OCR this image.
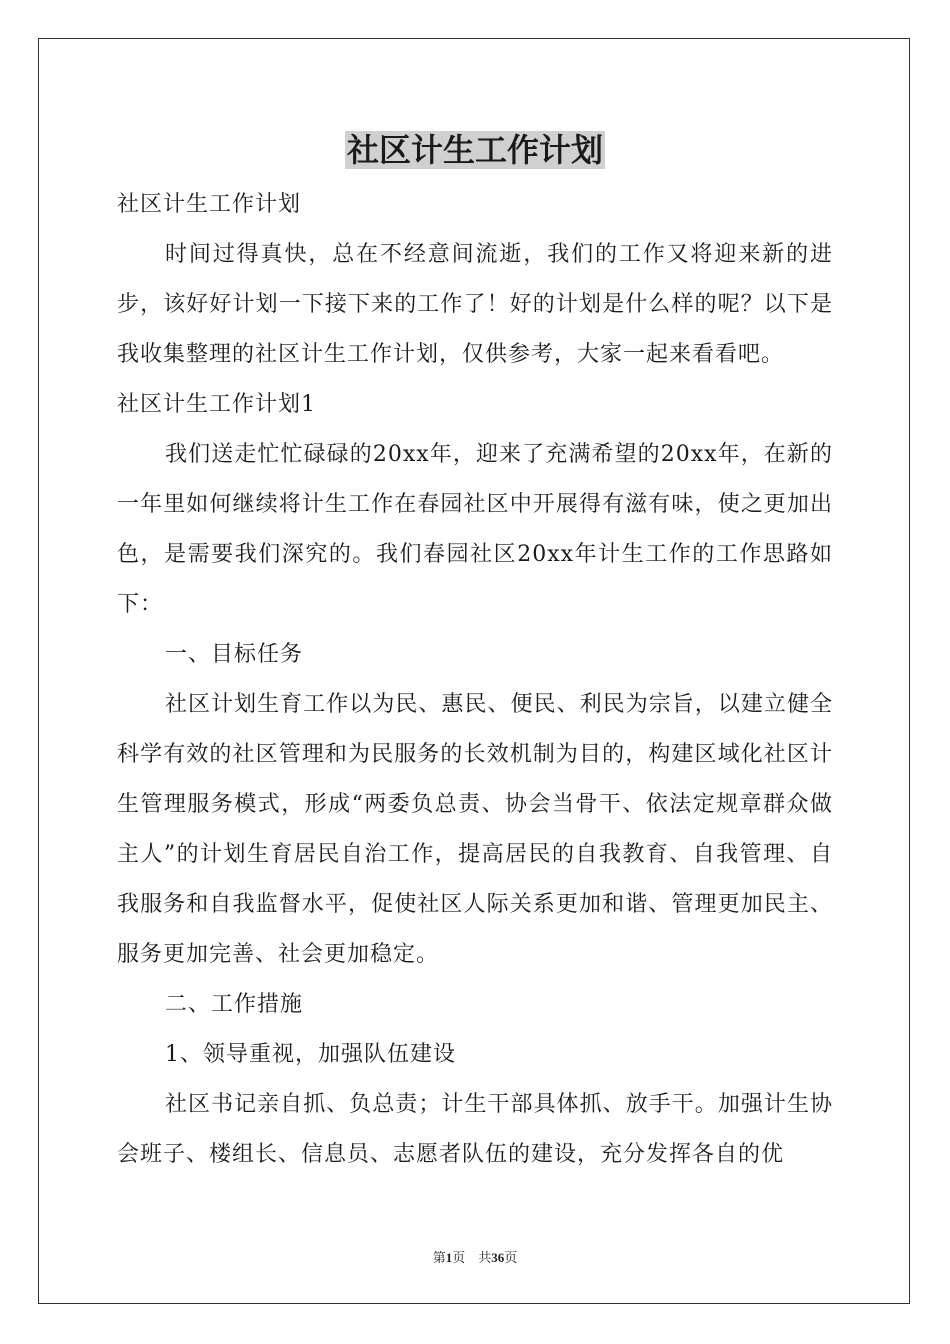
社区计生工作计划

社区计生工作计划

时间过得真快，总在不经意间流逝，我们的工作又将迎来新的进步，该好好计划一下接下来的工作了！好的计划是什么样的呢？以下是我收集整理的社区计生工作计划，仅供参考，大家一起来看看吧。

社区计生工作计划1

我们送走忙忙碌碌的20xx年，迎来了充满希望的20xx年，在新的一年里如何继续将计生工作在春园社区中开展得有滋有味，使之更加出色，是需要我们深究的。我们春园社区20xx年计生工作的工作思路如下：

一、目标任务

社区计划生育工作以为民、惠民、便民、利民为宗旨，以建立健全科学有效的社区管理和为民服务的长效机制为目的，构建区域化社区计生管理服务模式，形成“两委负总责、协会当骨干、依法定规章群众做主人”的计划生育居民自治工作，提高居民的自我教育、自我管理、自我服务和自我监督水平，促使社区人际关系更加和谐、管理更加民主、服务更加完善、社会更加稳定。

二、工作措施

1、领导重视，加强队伍建设

社区书记亲自抓、负总责；计生干部具体抓、放手干。加强计生协会班子、楼组长、信息员、志愿者队伍的建设，充分发挥各自的优

第1页　共36页
